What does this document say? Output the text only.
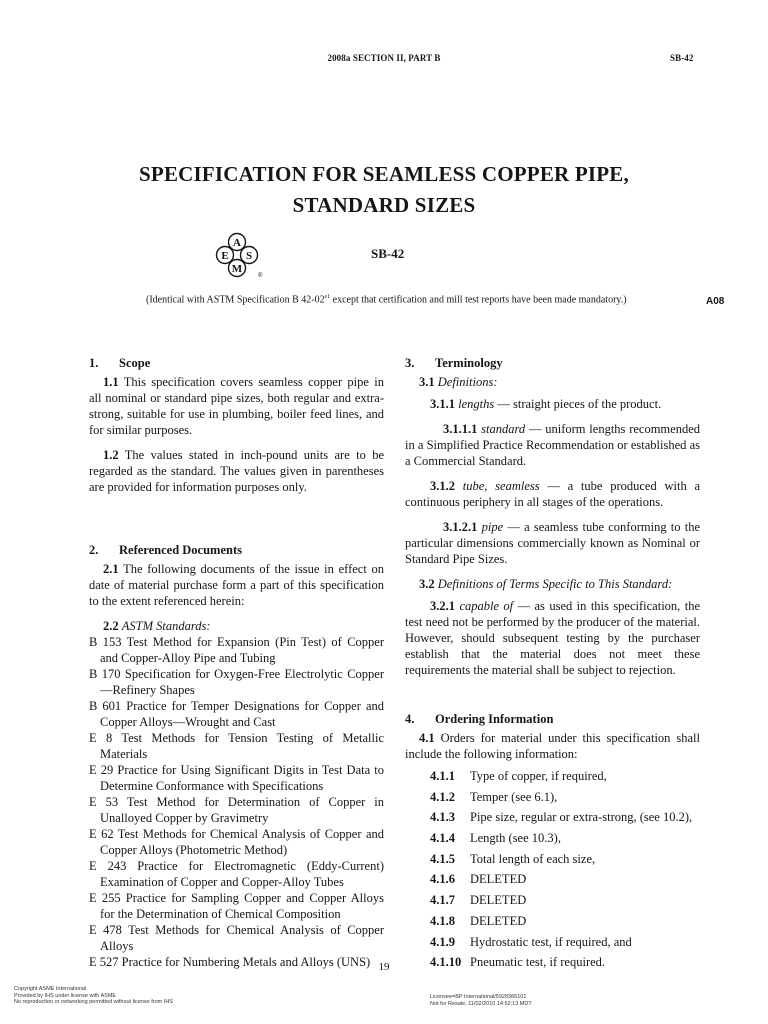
2008a SECTION II, PART B	SB-42
SPECIFICATION FOR SEAMLESS COPPER PIPE,
STANDARD SIZES
A
E S
M
®
SB-42
(Identical with ASTM Specification B $42-02^{\varepsilon 1}$ except that certification and mill test reports have been made mandatory.)	A08

1. Scope

1.1 This specification covers seamless copper pipe in all nominal or standard pipe sizes, both regular and extra-strong, suitable for use in plumbing, boiler feed lines, and for similar purposes.

1.2 The values stated in inch-pound units are to be regarded as the standard. The values given in parentheses are provided for information purposes only.

2. Referenced Documents

2.1 The following documents of the issue in effect on date of material purchase form a part of this specification to the extent referenced herein:

2.2 ASTM Standards:

B 153 Test Method for Expansion (Pin Test) of Copper and Copper-Alloy Pipe and Tubing

B 170 Specification for Oxygen-Free Electrolytic Copper—Refinery Shapes

B 601 Practice for Temper Designations for Copper and Copper Alloys—Wrought and Cast

E 8 Test Methods for Tension Testing of Metallic Materials

E 29 Practice for Using Significant Digits in Test Data to Determine Conformance with Specifications

E 53 Test Method for Determination of Copper in Unalloyed Copper by Gravimetry

E 62 Test Methods for Chemical Analysis of Copper and Copper Alloys (Photometric Method)

E 243 Practice for Electromagnetic (Eddy-Current) Examination of Copper and Copper-Alloy Tubes

E 255 Practice for Sampling Copper and Copper Alloys for the Determination of Chemical Composition

E 478 Test Methods for Chemical Analysis of Copper Alloys

E 527 Practice for Numbering Metals and Alloys (UNS)

3. Terminology

3.1 Definitions:

3.1.1 lengths — straight pieces of the product.

3.1.1.1 standard — uniform lengths recommended in a Simplified Practice Recommendation or established as a Commercial Standard.

3.1.2 tube, seamless — a tube produced with a continuous periphery in all stages of the operations.

3.1.2.1 pipe — a seamless tube conforming to the particular dimensions commercially known as Nominal or Standard Pipe Sizes.

3.2 Definitions of Terms Specific to This Standard:

3.2.1 capable of — as used in this specification, the test need not be performed by the producer of the material. However, should subsequent testing by the purchaser establish that the material does not meet these requirements the material shall be subject to rejection.

4. Ordering Information

4.1 Orders for material under this specification shall include the following information:

4.1.1 Type of copper, if required,

4.1.2 Temper (see 6.1),

4.1.3 Pipe size, regular or extra-strong, (see 10.2),

4.1.4 Length (see 10.3),

4.1.5 Total length of each size,

4.1.6 DELETED

4.1.7 DELETED

4.1.8 DELETED

4.1.9 Hydrostatic test, if required, and

4.1.10 Pneumatic test, if required.

19
Copyright ASME International
Provided by IHS under license with ASME
No reproduction or networking permitted without license from IHS
Licensee=BP International/5928366101
Not for Resale, 11/02/2010 14:52:13 MDT
